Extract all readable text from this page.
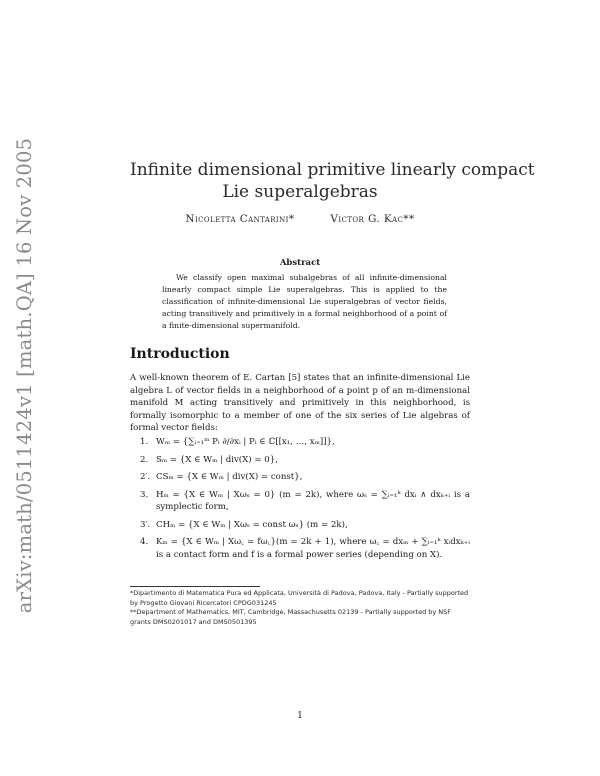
arXiv:math/0511424v1 [math.QA] 16 Nov 2005	Infinite dimensional primitive linearly compact
Lie superalgebras
Nicoletta Cantarini*	Victor G. Kac**
Abstract
We classify open maximal subalgebras of all infinite-dimensional linearly compact simple Lie superalgebras. This is applied to the classification of infinite-dimensional Lie superalgebras of vector fields, acting transitively and primitively in a formal neighborhood of a point of a finite-dimensional supermanifold.
Introduction
A well-known theorem of E. Cartan [5] states that an infinite-dimensional Lie algebra L of vector fields in a neighborhood of a point p of an m-dimensional manifold M acting transitively and primitively in this neighborhood, is formally isomorphic to a member of one of the six series of Lie algebras of formal vector fields:
1. Wₘ = {∑ᵢ₌₁ᵐ Pᵢ ∂/∂xᵢ | Pᵢ ∈ ℂ[[x₁, …, xₘ]]},
2. Sₘ = {X ∈ Wₘ | div(X) = 0},
2′. CSₘ = {X ∈ Wₘ | div(X) = const},
3. Hₘ = {X ∈ Wₘ | Xωₛ = 0} (m = 2k), where ωₛ = ∑ᵢ₌₁ᵏ dxᵢ ∧ dxₖ₊ᵢ is a symplectic form,
3′. CHₘ = {X ∈ Wₘ | Xωₛ = const ωₛ} (m = 2k),
4. Kₘ = {X ∈ Wₘ | Xω꜀ = fω꜀}(m = 2k + 1), where ω꜀ = dxₘ + ∑ᵢ₌₁ᵏ xᵢdxₖ₊ᵢ is a contact form and f is a formal power series (depending on X).
*Dipartimento di Matematica Pura ed Applicata, Università di Padova, Padova, Italy - Partially supported by Progetto Giovani Ricercatori CPDG031245
**Department of Mathematics, MIT, Cambridge, Massachusetts 02139 - Partially supported by NSF grants DMS0201017 and DMS0501395
1
